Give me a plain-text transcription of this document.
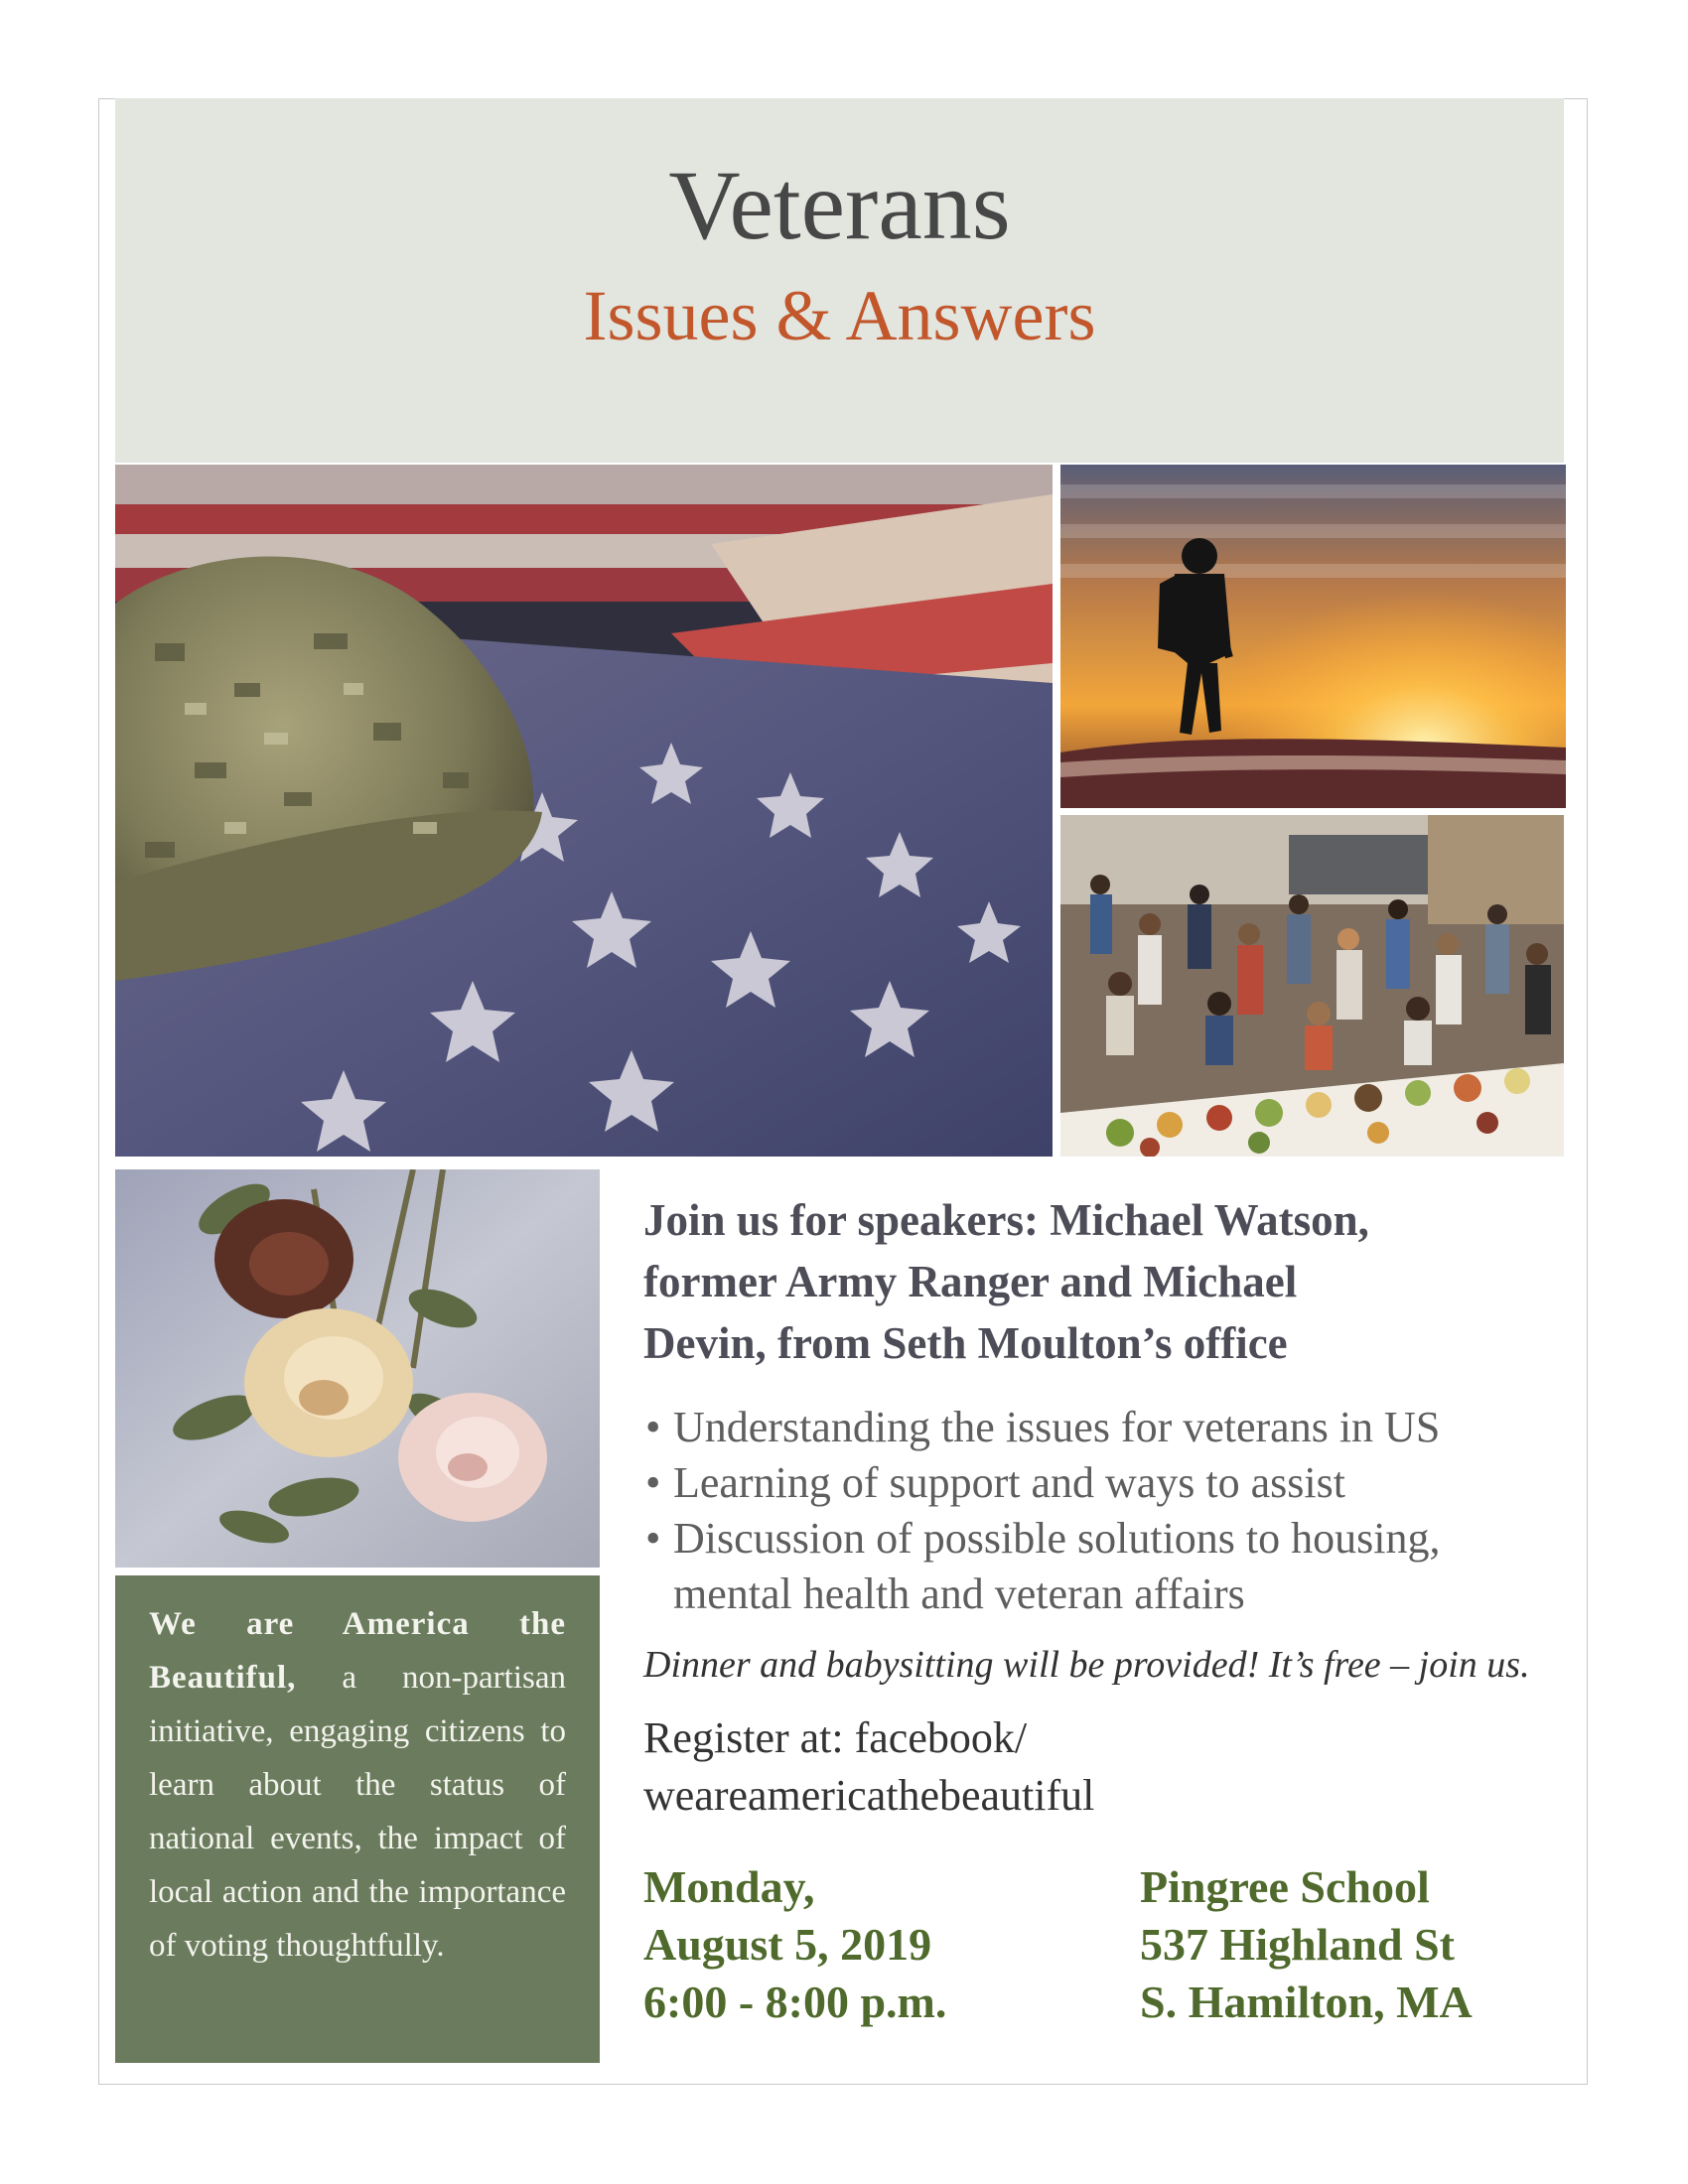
Veterans
Issues & Answers
We are America the Beautiful, a non-partisan initiative, engaging citizens to learn about the status of national events, the impact of local action and the importance of voting thoughtfully.
Join us for speakers: Michael Watson,
former Army Ranger and Michael
Devin, from Seth Moulton’s office
• Understanding the issues for veterans in US
• Learning of support and ways to assist
• Discussion of possible solutions to housing, mental health and veteran affairs
Dinner and babysitting will be provided! It’s free – join us.
Register at: facebook/
weareamericathebeautiful
Monday,
August 5, 2019
6:00 - 8:00 p.m.
Pingree School
537 Highland St
S. Hamilton, MA
